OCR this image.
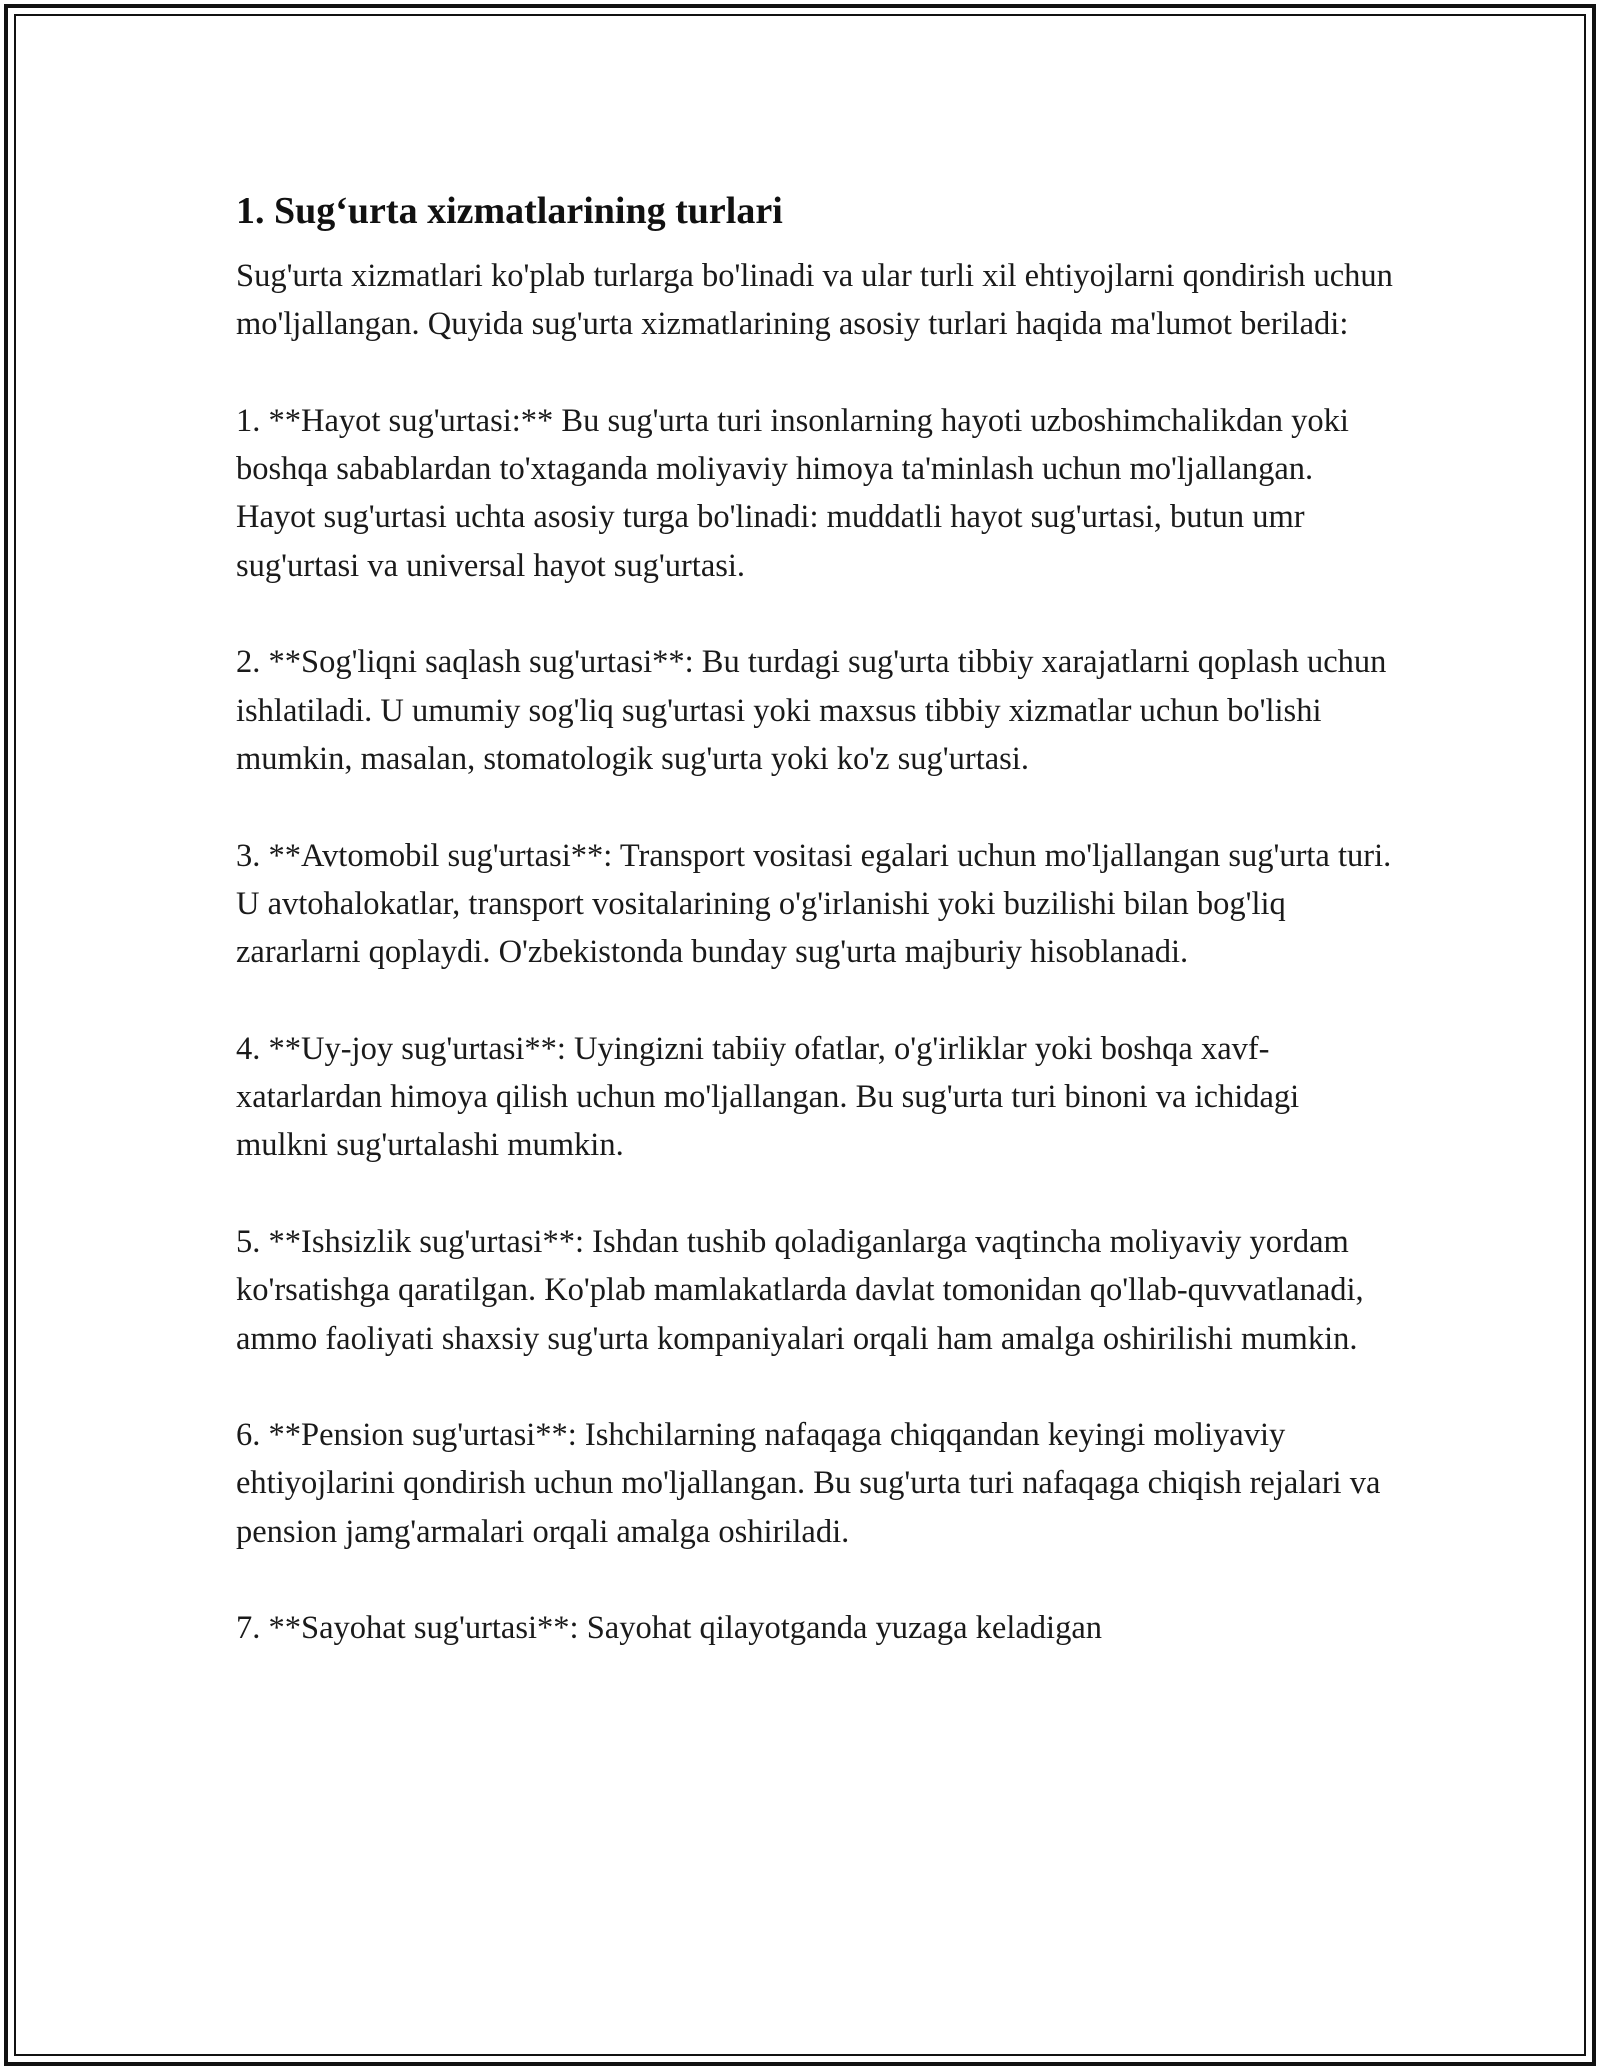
1. Sug‘urta xizmatlarining turlari

Sug'urta xizmatlari ko'plab turlarga bo'linadi va ular turli xil ehtiyojlarni qondirish uchun mo'ljallangan. Quyida sug'urta xizmatlarining asosiy turlari haqida ma'lumot beriladi:

1. **Hayot sug'urtasi:** Bu sug'urta turi insonlarning hayoti uzboshimchalikdan yoki boshqa sabablardan to'xtaganda moliyaviy himoya ta'minlash uchun mo'ljallangan. Hayot sug'urtasi uchta asosiy turga bo'linadi: muddatli hayot sug'urtasi, butun umr sug'urtasi va universal hayot sug'urtasi.

2. **Sog'liqni saqlash sug'urtasi**: Bu turdagi sug'urta tibbiy xarajatlarni qoplash uchun ishlatiladi. U umumiy sog'liq sug'urtasi yoki maxsus tibbiy xizmatlar uchun bo'lishi mumkin, masalan, stomatologik sug'urta yoki ko'z sug'urtasi.

3. **Avtomobil sug'urtasi**: Transport vositasi egalari uchun mo'ljallangan sug'urta turi. U avtohalokatlar, transport vositalarining o'g'irlanishi yoki buzilishi bilan bog'liq zararlarni qoplaydi. O'zbekistonda bunday sug'urta majburiy hisoblanadi.

4. **Uy-joy sug'urtasi**: Uyingizni tabiiy ofatlar, o'g'irliklar yoki boshqa xavf-xatarlardan himoya qilish uchun mo'ljallangan. Bu sug'urta turi binoni va ichidagi mulkni sug'urtalashi mumkin.

5. **Ishsizlik sug'urtasi**: Ishdan tushib qoladiganlarga vaqtincha moliyaviy yordam ko'rsatishga qaratilgan. Ko'plab mamlakatlarda davlat tomonidan qo'llab-quvvatlanadi, ammo faoliyati shaxsiy sug'urta kompaniyalari orqali ham amalga oshirilishi mumkin.

6. **Pension sug'urtasi**: Ishchilarning nafaqaga chiqqandan keyingi moliyaviy ehtiyojlarini qondirish uchun mo'ljallangan. Bu sug'urta turi nafaqaga chiqish rejalari va pension jamg'armalari orqali amalga oshiriladi.

7. **Sayohat sug'urtasi**: Sayohat qilayotganda yuzaga keladigan
